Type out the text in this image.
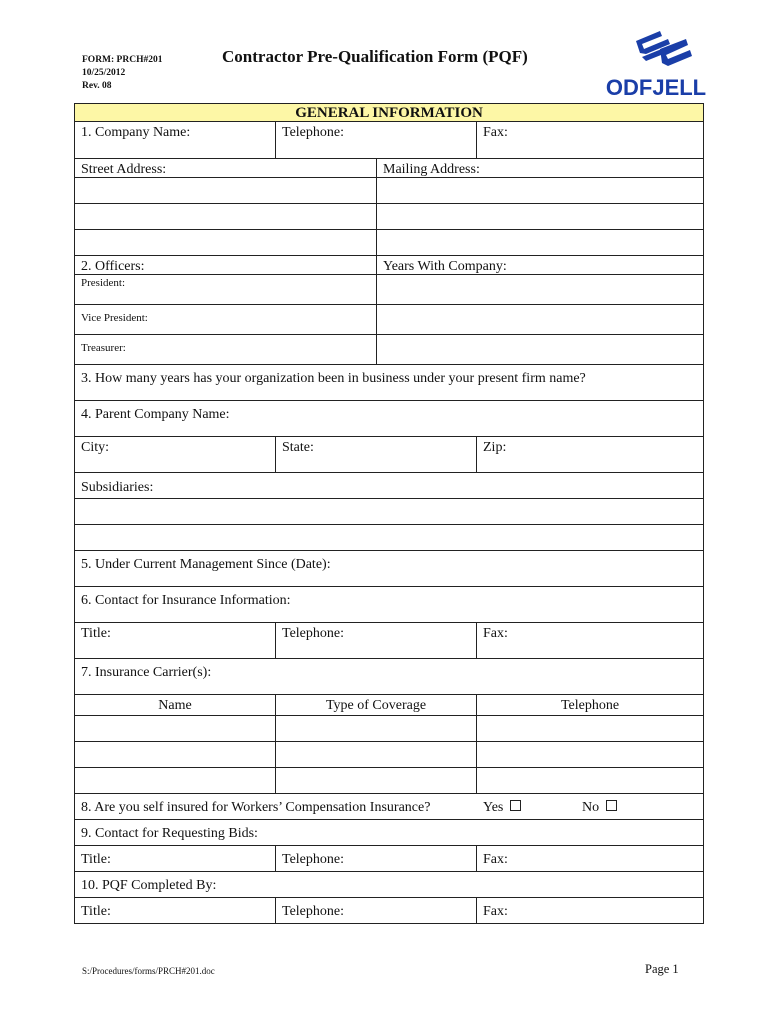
FORM: PRCH#201
10/25/2012
Rev. 08
Contractor Pre-Qualification Form (PQF)
ODFJELL
GENERAL INFORMATION			
1. Company Name:	Telephone:		Fax:
Street Address:		Mailing Address:	

2. Officers:		Years With Company:	
President:			
Vice President:			
Treasurer:			
3. How many years has your organization been in business under your present firm name?			
4. Parent Company Name:			
City:	State:		Zip:
Subsidiaries:			

5. Under Current Management Since (Date):			
6. Contact for Insurance Information:			
Title:	Telephone:		Fax:
7. Insurance Carrier(s):			
Name	Type of Coverage		Telephone

8. Are you self insured for Workers’ Compensation Insurance? Yes No			

9. Contact for Requesting Bids:			
Title:	Telephone:		Fax:
10. PQF Completed By:			
Title:	Telephone:		Fax:
S:/Procedures/forms/PRCH#201.doc	Page 1
